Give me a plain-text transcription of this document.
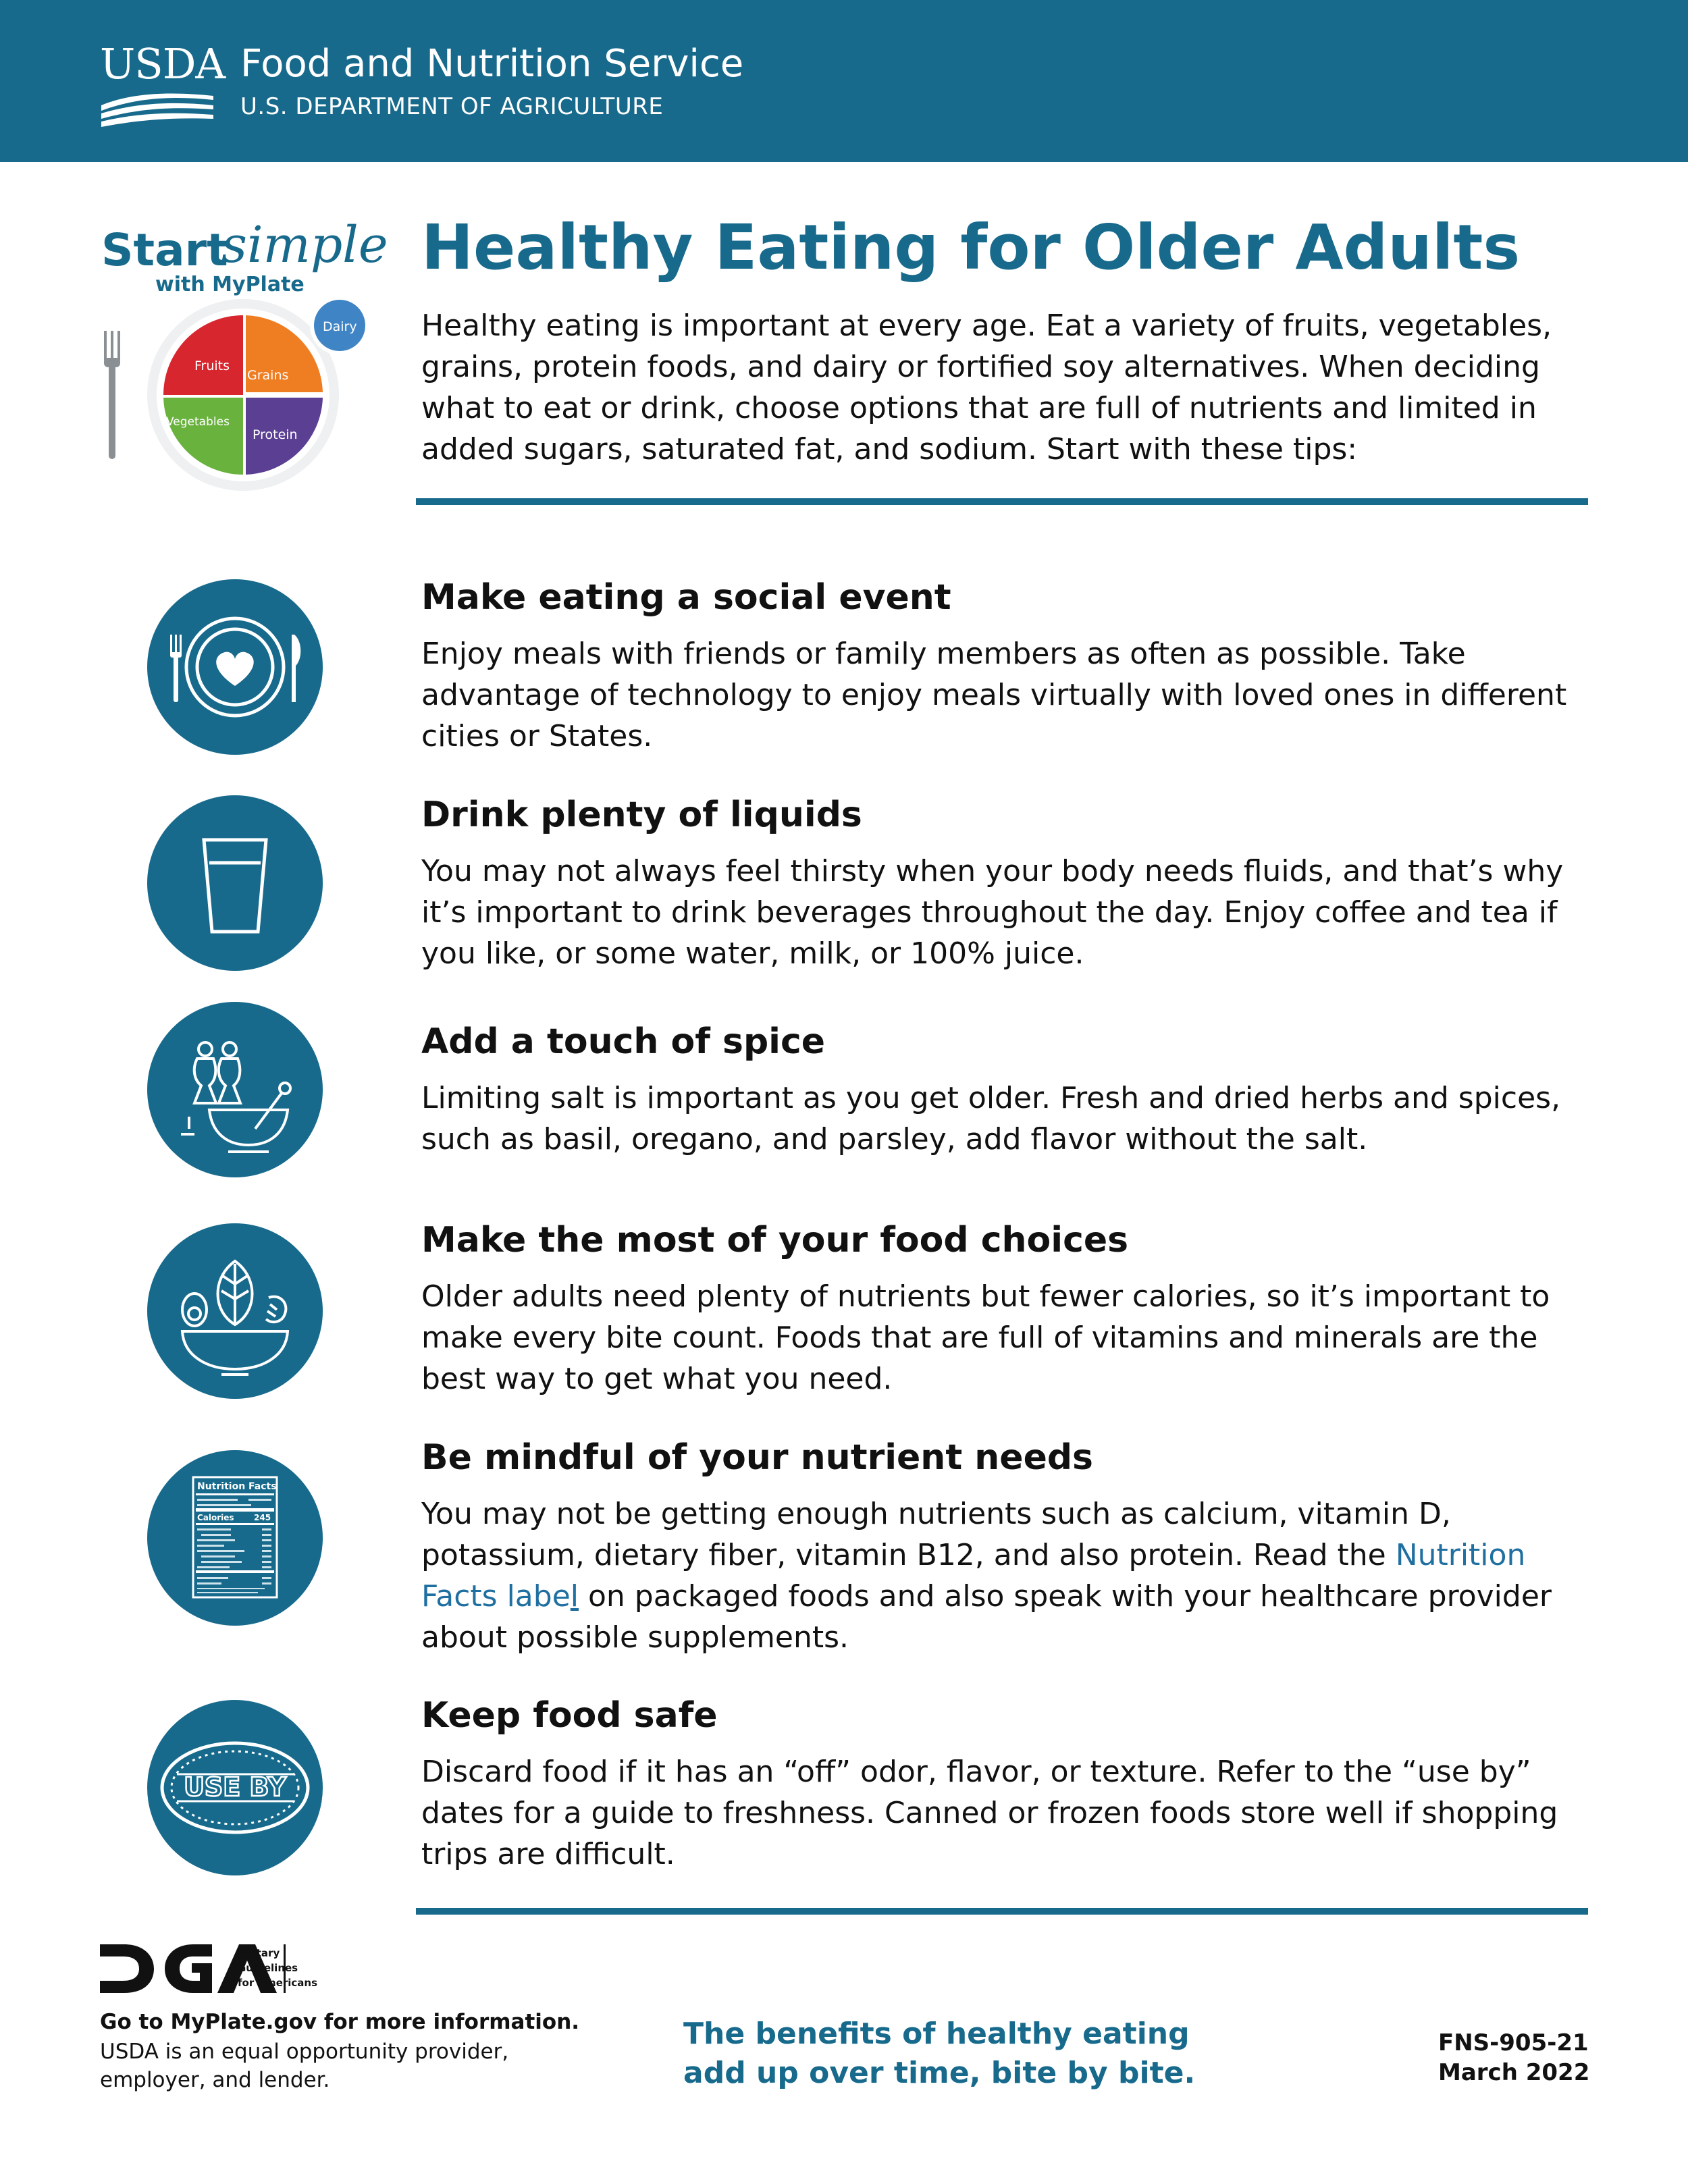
USDA Food and Nutrition Service
U.S. DEPARTMENT OF AGRICULTURE
Start
simple
with MyPlate
Fruits
Grains
Vegetables
Protein
Dairy
Healthy Eating for Older Adults
Healthy eating is important at every age. Eat a variety of fruits, vegetables, grains, protein foods, and dairy or fortified soy alternatives. When deciding what to eat or drink, choose options that are full of nutrients and limited in added sugars, saturated fat, and sodium. Start with these tips:
Make eating a social event
Enjoy meals with friends or family members as often as possible. Take advantage of technology to enjoy meals virtually with loved ones in different cities or States.
Drink plenty of liquids
You may not always feel thirsty when your body needs fluids, and that’s why it’s important to drink beverages throughout the day. Enjoy coffee and tea if you like, or some water, milk, or 100% juice.
Add a touch of spice
Limiting salt is important as you get older. Fresh and dried herbs and spices, such as basil, oregano, and parsley, add flavor without the salt.
Make the most of your food choices
Older adults need plenty of nutrients but fewer calories, so it’s important to make every bite count. Foods that are full of vitamins and minerals are the best way to get what you need.
Nutrition Facts
Calories 245
Be mindful of your nutrient needs
You may not be getting enough nutrients such as calcium, vitamin D, potassium, dietary fiber, vitamin B12, and also protein. Read the Nutrition Facts label on packaged foods and also speak with your healthcare provider about possible supplements.
USE BY
Keep food safe
Discard food if it has an “off” odor, flavor, or texture. Refer to the “use by” dates for a guide to freshness. Canned or frozen foods store well if shopping trips are difficult.
Dietary
Guidelines
for Americans
Go to MyPlate.gov for more information.
USDA is an equal opportunity provider, employer, and lender.
The benefits of healthy eating
add up over time, bite by bite.
FNS-905-21
March 2022
